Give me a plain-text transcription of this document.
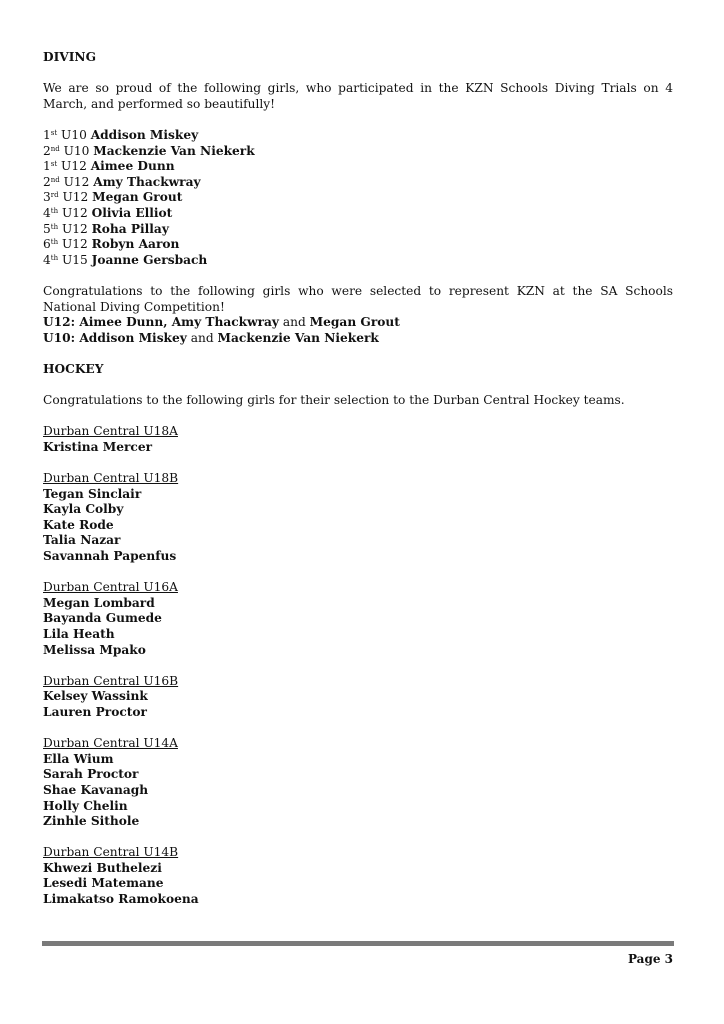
DIVING

We are so proud of the following girls, who participated in the KZN Schools Diving Trials on 4 March, and performed so beautifully!

1st U10 Addison Miskey
2nd U10 Mackenzie Van Niekerk
1st U12 Aimee Dunn
2nd U12 Amy Thackwray
3rd U12 Megan Grout
4th U12 Olivia Elliot
5th U12 Roha Pillay
6th U12 Robyn Aaron
4th U15 Joanne Gersbach

Congratulations to the following girls who were selected to represent KZN at the SA Schools National Diving Competition!

U12: Aimee Dunn, Amy Thackwray and Megan Grout
U10: Addison Miskey and Mackenzie Van Niekerk
HOCKEY

Congratulations to the following girls for their selection to the Durban Central Hockey teams.

Durban Central U18A
Kristina Mercer
Durban Central U18B
Tegan Sinclair
Kayla Colby
Kate Rode
Talia Nazar
Savannah Papenfus
Durban Central U16A
Megan Lombard
Bayanda Gumede
Lila Heath
Melissa Mpako
Durban Central U16B
Kelsey Wassink
Lauren Proctor
Durban Central U14A
Ella Wium
Sarah Proctor
Shae Kavanagh
Holly Chelin
Zinhle Sithole
Durban Central U14B
Khwezi Buthelezi
Lesedi Matemane
Limakatso Ramokoena
Page 3
